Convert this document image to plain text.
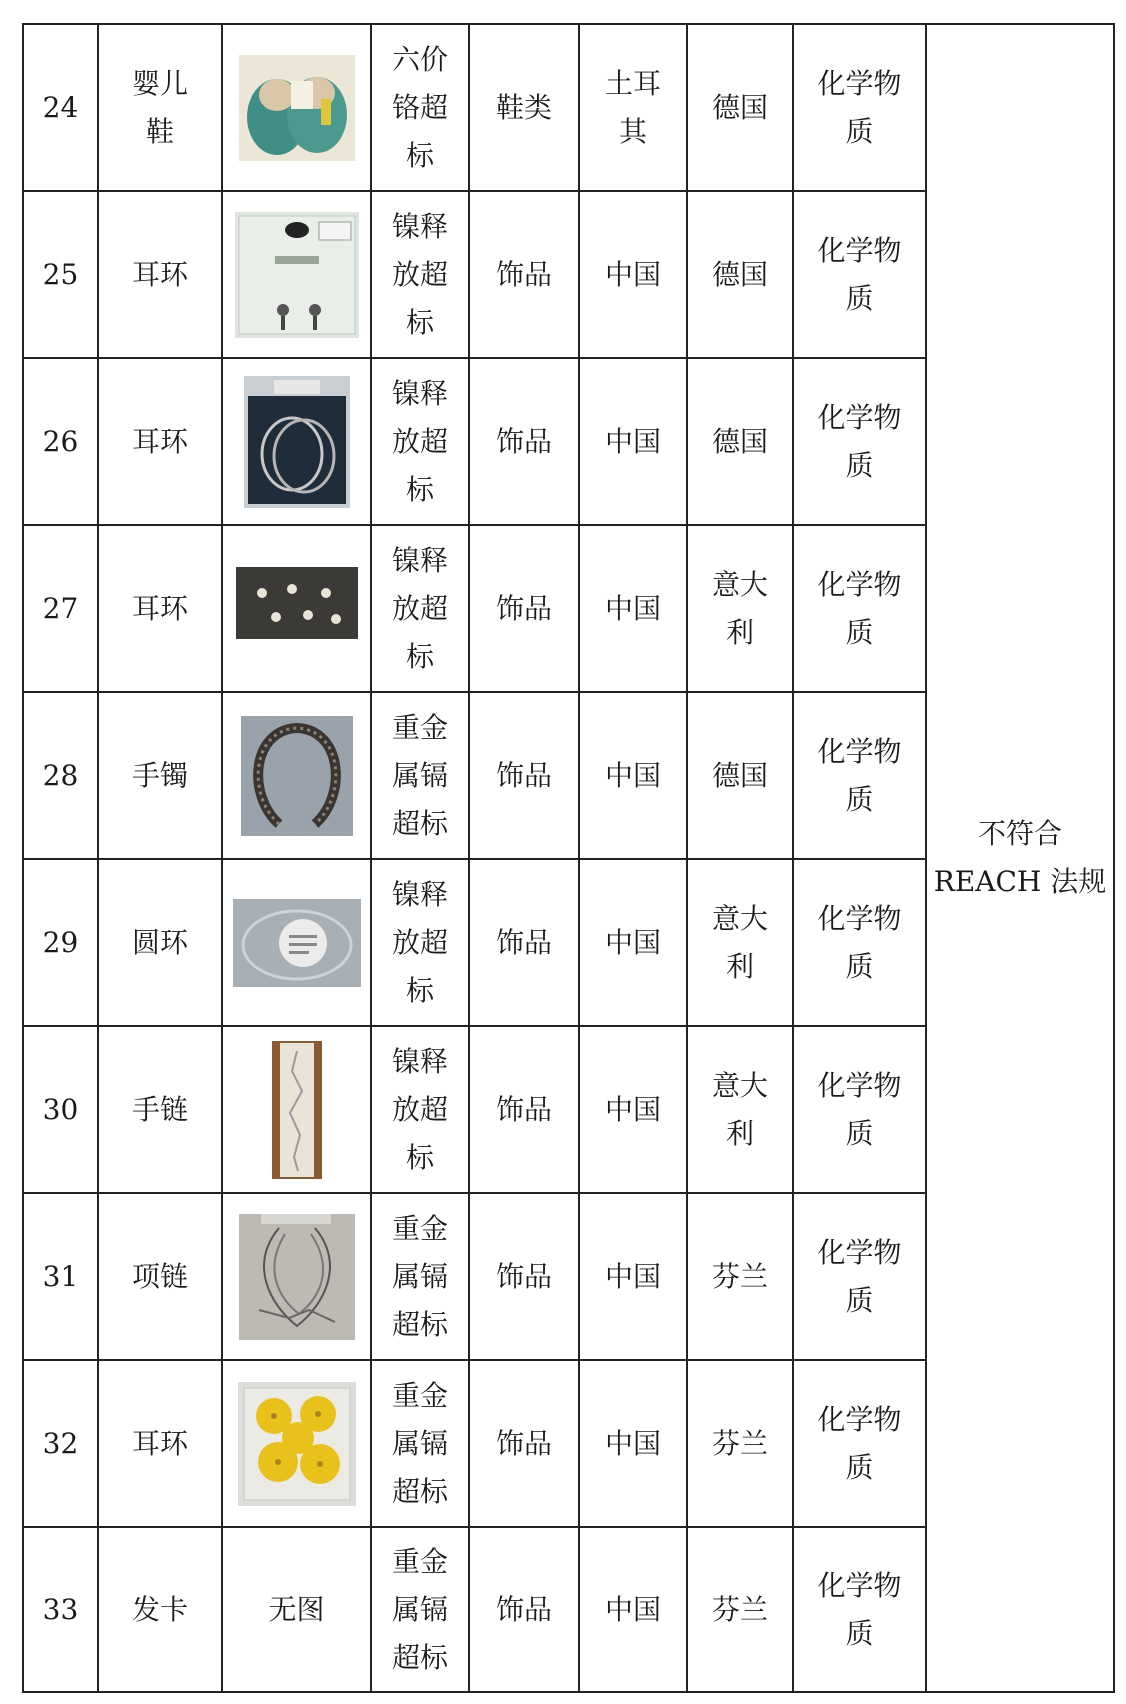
24	婴儿鞋		六价铬超标	鞋类	土耳其	德国	化学物质	不符合
REACH 法规

25	耳环		镍释放超标	饰品	中国	德国	化学物质	

26	耳环		镍释放超标	饰品	中国	德国	化学物质	

27	耳环		镍释放超标	饰品	中国	意大利	化学物质	

28	手镯		重金属镉超标	饰品	中国	德国	化学物质	

29	圆环		镍释放超标	饰品	中国	意大利	化学物质	

30	手链		镍释放超标	饰品	中国	意大利	化学物质	

31	项链		重金属镉超标	饰品	中国	芬兰	化学物质	

32	耳环		重金属镉超标	饰品	中国	芬兰	化学物质	

33	发卡	无图	重金属镉超标	饰品	中国	芬兰	化学物质	
